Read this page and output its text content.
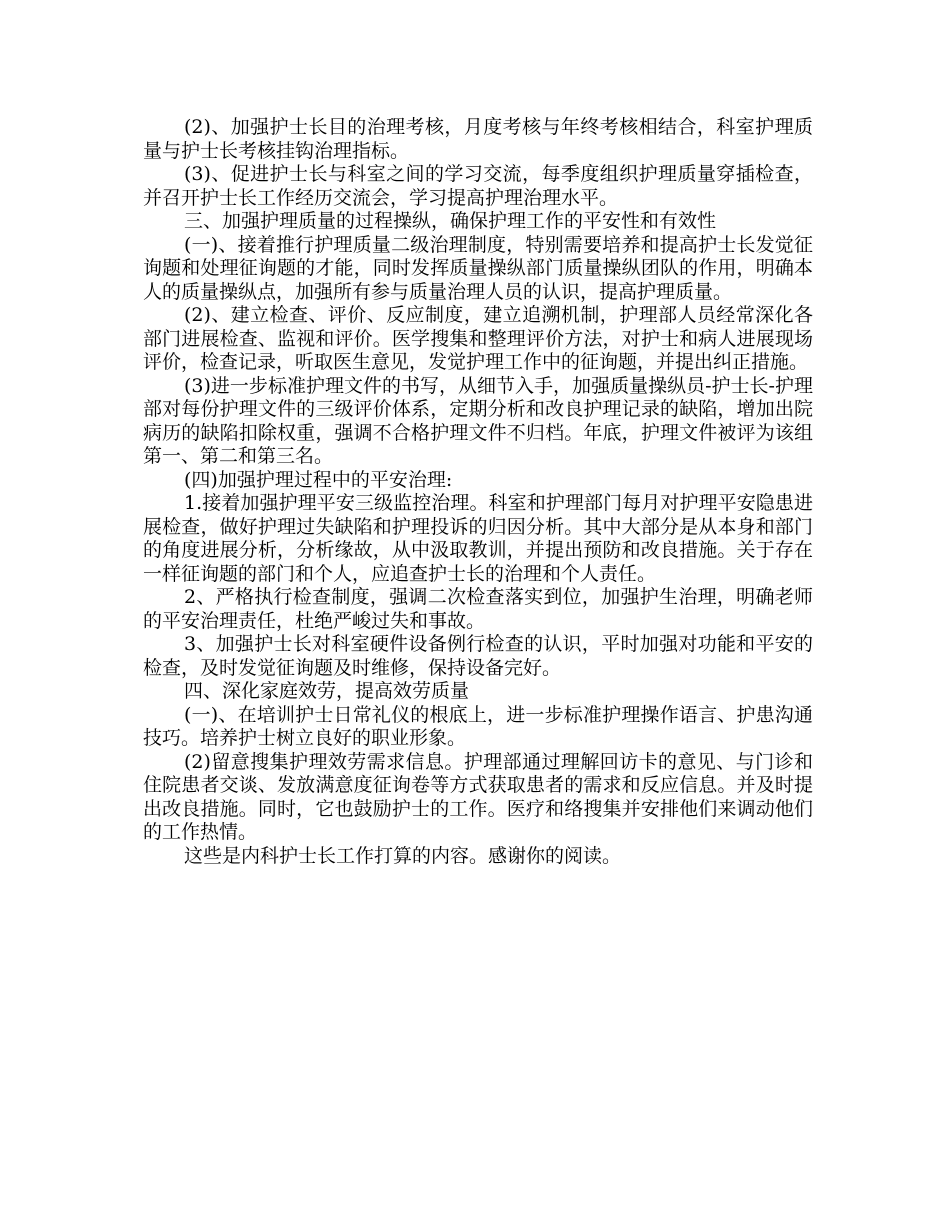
(2)、加强护士长目的治理考核，月度考核与年终考核相结合，科室护理质量与护士长考核挂钩治理指标。

(3)、促进护士长与科室之间的学习交流，每季度组织护理质量穿插检查，并召开护士长工作经历交流会，学习提高护理治理水平。

三、加强护理质量的过程操纵，确保护理工作的平安性和有效性

(一)、接着推行护理质量二级治理制度，特别需要培养和提高护士长发觉征询题和处理征询题的才能，同时发挥质量操纵部门质量操纵团队的作用，明确本人的质量操纵点，加强所有参与质量治理人员的认识，提高护理质量。

(2)、建立检查、评价、反应制度，建立追溯机制，护理部人员经常深化各部门进展检查、监视和评价。医学搜集和整理评价方法，对护士和病人进展现场评价，检查记录，听取医生意见，发觉护理工作中的征询题，并提出纠正措施。

(3)进一步标准护理文件的书写，从细节入手，加强质量操纵员-护士长-护理部对每份护理文件的三级评价体系，定期分析和改良护理记录的缺陷，增加出院病历的缺陷扣除权重，强调不合格护理文件不归档。年底，护理文件被评为该组第一、第二和第三名。

(四)加强护理过程中的平安治理:

1.接着加强护理平安三级监控治理。科室和护理部门每月对护理平安隐患进展检查，做好护理过失缺陷和护理投诉的归因分析。其中大部分是从本身和部门的角度进展分析，分析缘故，从中汲取教训，并提出预防和改良措施。关于存在一样征询题的部门和个人，应追查护士长的治理和个人责任。

2、严格执行检查制度，强调二次检查落实到位，加强护生治理，明确老师的平安治理责任，杜绝严峻过失和事故。

3、加强护士长对科室硬件设备例行检查的认识，平时加强对功能和平安的检查，及时发觉征询题及时维修，保持设备完好。

四、深化家庭效劳，提高效劳质量

(一)、在培训护士日常礼仪的根底上，进一步标准护理操作语言、护患沟通技巧。培养护士树立良好的职业形象。

(2)留意搜集护理效劳需求信息。护理部通过理解回访卡的意见、与门诊和住院患者交谈、发放满意度征询卷等方式获取患者的需求和反应信息。并及时提出改良措施。同时，它也鼓励护士的工作。医疗和络搜集并安排他们来调动他们的工作热情。

这些是内科护士长工作打算的内容。感谢你的阅读。
